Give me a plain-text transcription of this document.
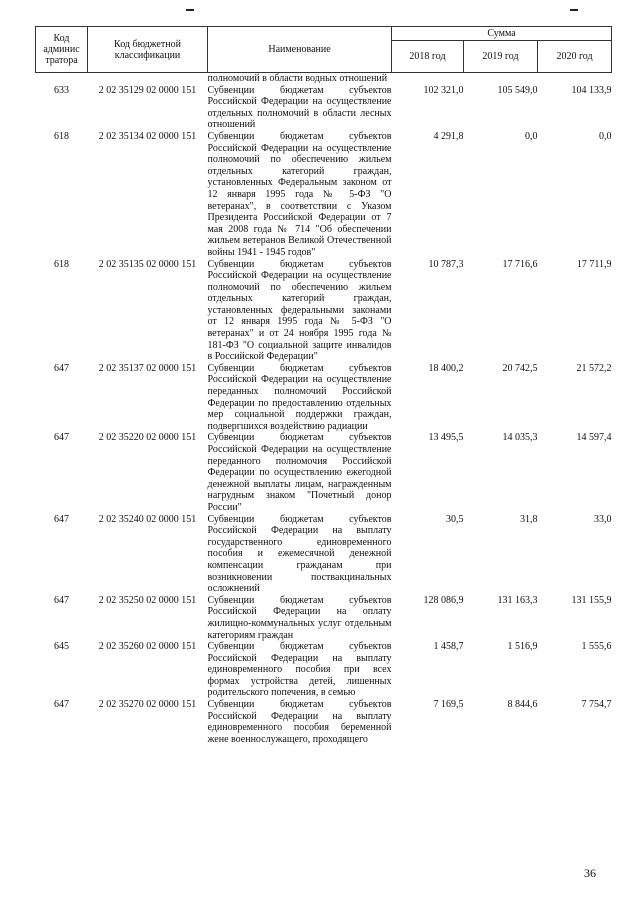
Код админис тратора	Код бюджетной классификации	Наименование	Сумма		
			2018 год	2019 год	2020 год
		полномочий в области водных отношений			
633	2 02 35129 02 0000 151	Субвенции бюджетам субъектов Российской Федерации на осуществление отдельных полномочий в области лесных отношений	102 321,0	105 549,0	104 133,9
618	2 02 35134 02 0000 151	Субвенции бюджетам субъектов Российской Федерации на осуществление полномочий по обеспечению жильем отдельных категорий граждан, установленных Федеральным законом от 12 января 1995 года № 5-ФЗ "О ветеранах", в соответствии с Указом Президента Российской Федерации от 7 мая 2008 года № 714 "Об обеспечении жильем ветеранов Великой Отечественной войны 1941 - 1945 годов"	4 291,8	0,0	0,0
618	2 02 35135 02 0000 151	Субвенции бюджетам субъектов Российской Федерации на осуществление полномочий по обеспечению жильем отдельных категорий граждан, установленных федеральными законами от 12 января 1995 года № 5-ФЗ "О ветеранах" и от 24 ноября 1995 года № 181-ФЗ "О социальной защите инвалидов в Российской Федерации"	10 787,3	17 716,6	17 711,9
647	2 02 35137 02 0000 151	Субвенции бюджетам субъектов Российской Федерации на осуществление переданных полномочий Российской Федерации по предоставлению отдельных мер социальной поддержки граждан, подвергшихся воздействию радиации	18 400,2	20 742,5	21 572,2
647	2 02 35220 02 0000 151	Субвенции бюджетам субъектов Российской Федерации на осуществление переданного полномочия Российской Федерации по осуществлению ежегодной денежной выплаты лицам, награжденным нагрудным знаком "Почетный донор России"	13 495,5	14 035,3	14 597,4
647	2 02 35240 02 0000 151	Субвенции бюджетам субъектов Российской Федерации на выплату государственного единовременного пособия и ежемесячной денежной компенсации гражданам при возникновении поствакцинальных осложнений	30,5	31,8	33,0
647	2 02 35250 02 0000 151	Субвенции бюджетам субъектов Российской Федерации на оплату жилищно-коммунальных услуг отдельным категориям граждан	128 086,9	131 163,3	131 155,9
645	2 02 35260 02 0000 151	Субвенции бюджетам субъектов Российской Федерации на выплату единовременного пособия при всех формах устройства детей, лишенных родительского попечения, в семью	1 458,7	1 516,9	1 555,6
647	2 02 35270 02 0000 151	Субвенции бюджетам субъектов Российской Федерации на выплату единовременного пособия беременной жене военнослужащего, проходящего	7 169,5	8 844,6	7 754,7
36
